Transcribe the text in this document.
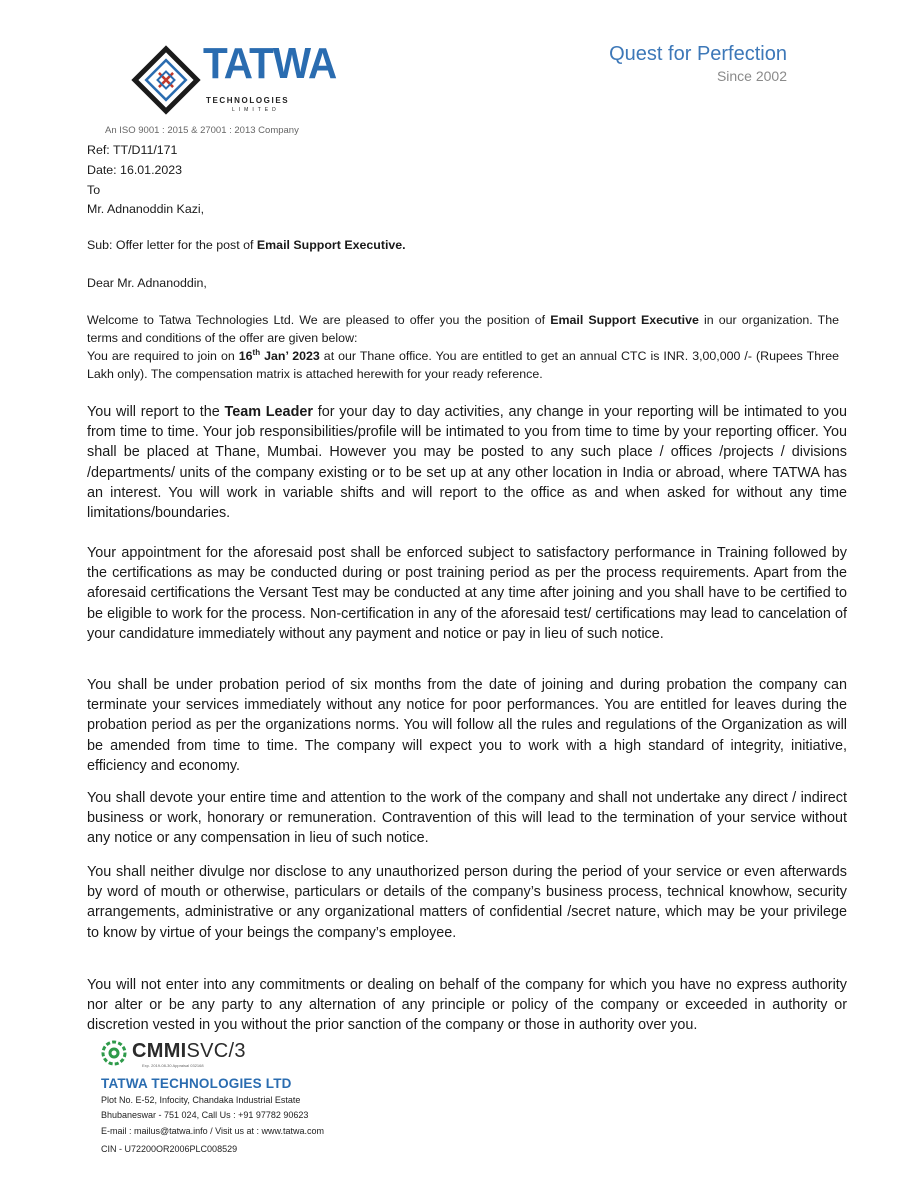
TATWA
TECHNOLOGIES
LIMITED
An ISO 9001 : 2015 & 27001 : 2013 Company
Quest for Perfection
Since 2002

Ref: TT/D11/171

Date: 16.01.2023

To

Mr. Adnanoddin Kazi,

Sub: Offer letter for the post of Email Support Executive.

Dear Mr. Adnanoddin,

Welcome to Tatwa Technologies Ltd. We are pleased to offer you the position of Email Support Executive in our organization. The terms and conditions of the offer are given below:

You are required to join on 16th Jan’ 2023 at our Thane office. You are entitled to get an annual CTC is INR. 3,00,000 /- (Rupees Three Lakh only). The compensation matrix is attached herewith for your ready reference.

You will report to the Team Leader for your day to day activities, any change in your reporting will be intimated to you from time to time. Your job responsibilities/profile will be intimated to you from time to time by your reporting officer. You shall be placed at Thane, Mumbai. However you may be posted to any such place / offices /projects / divisions /departments/ units of the company existing or to be set up at any other location in India or abroad, where TATWA has an interest. You will work in variable shifts and will report to the office as and when asked for without any time limitations/boundaries.

Your appointment for the aforesaid post shall be enforced subject to satisfactory performance in Training followed by the certifications as may be conducted during or post training period as per the process requirements. Apart from the aforesaid certifications the Versant Test may be conducted at any time after joining and you shall have to be certified to be eligible to work for the process. Non-certification in any of the aforesaid test/ certifications may lead to cancelation of your candidature immediately without any payment and notice or pay in lieu of such notice.

You shall be under probation period of six months from the date of joining and during probation the company can terminate your services immediately without any notice for poor performances. You are entitled for leaves during the probation period as per the organizations norms. You will follow all the rules and regulations of the Organization as will be amended from time to time. The company will expect you to work with a high standard of integrity, initiative, efficiency and economy.

You shall devote your entire time and attention to the work of the company and shall not undertake any direct / indirect business or work, honorary or remuneration. Contravention of this will lead to the termination of your service without any notice or any compensation in lieu of such notice.

You shall neither divulge nor disclose to any unauthorized person during the period of your service or even afterwards by word of mouth or otherwise, particulars or details of the company’s business process, technical knowhow, security arrangements, administrative or any organizational matters of confidential /secret nature, which may be your privilege to know by virtue of your beings the company’s employee.

You will not enter into any commitments or dealing on behalf of the company for which you have no express authority nor alter or be any party to any alternation of any principle or policy of the company or exceeded in authority or discretion vested in you without the prior sanction of the company or those in authority over you.

CMMISVC/3
Exp. 2019-08-30 Appraisal 032168
TATWA TECHNOLOGIES LTD
Plot No. E-52, Infocity, Chandaka Industrial Estate
Bhubaneswar - 751 024, Call Us : +91 97782 90623
E-mail : mailus@tatwa.info / Visit us at : www.tatwa.com
CIN - U72200OR2006PLC008529
